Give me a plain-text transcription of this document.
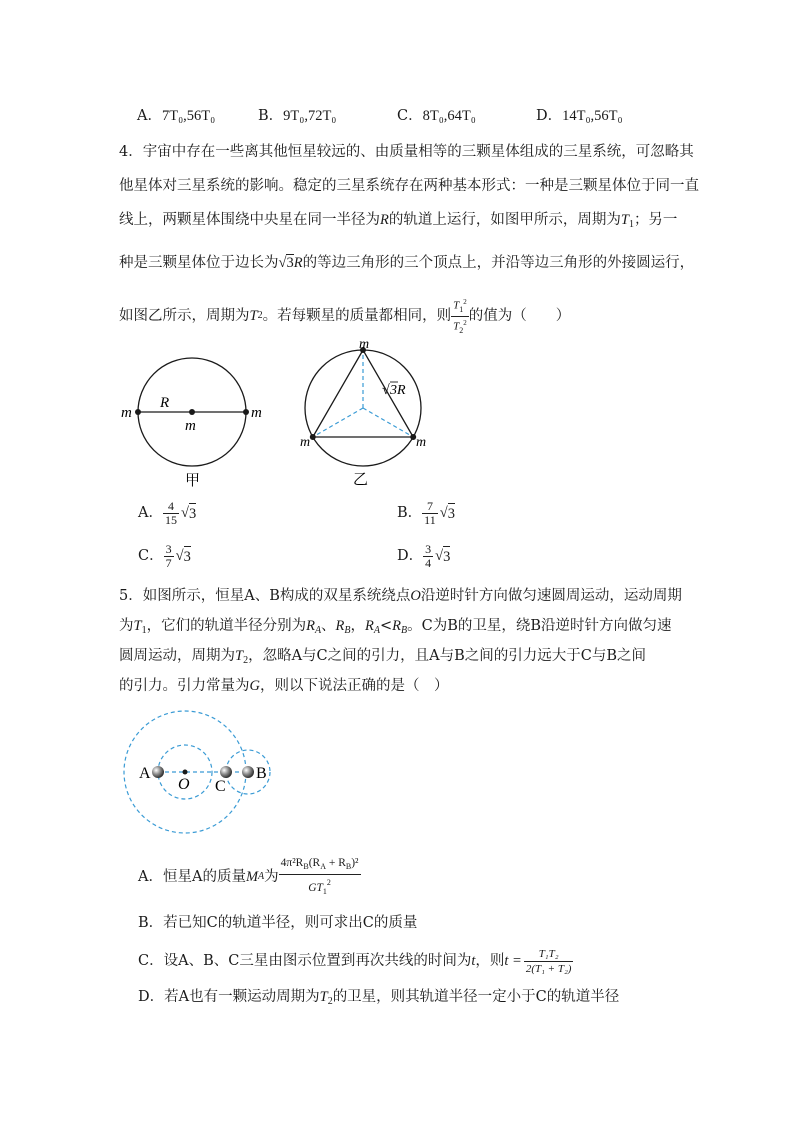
A．7T₀,56T₀	B．9T₀,72T₀	C．8T₀,64T₀	D．14T₀,56T₀
4．宇宙中存在一些离其他恒星较远的、由质量相等的三颗星体组成的三星系统，可忽略其
他星体对三星系统的影响。稳定的三星系统存在两种基本形式：一种是三颗星体位于同一直
线上，两颗星体围绕中央星在同一半径为R的轨道上运行，如图甲所示，周期为$T_1$；另一
种是三颗星体位于边长为√3R的等边三角形的三个顶点上，并沿等边三角形的外接圆运行，
如图乙所示，周期为 T 2 。若每颗星的质量都相同，则 $\frac{T_1^2}{T_2^2}$ 的值为（　　）
m	m
m
R
甲
m
m	m
√ 3R
乙
A． $\frac{4}{15}$ √ 3	B． $\frac{7}{11}$ √ 3
C． $\frac{3}{7}$ √ 3	D． $\frac{3}{4}$ √ 3
5．如图所示，恒星A、B构成的双星系统绕点O沿逆时针方向做匀速圆周运动，运动周期
为$T_1$，它们的轨道半径分别为$R_A$、$R_B$，$R_A<R_B$。C为B的卫星，绕B沿逆时针方向做匀速
圆周运动，周期为$T_2$，忽略A与C之间的引力，且A与B之间的引力远大于C与B之间
的引力。引力常量为G，则以下说法正确的是（　）
A
O C
B
A．恒星A的质量 M A 为 $\frac{4\pi^2R_B(R_A + R_B)^2}{GT_1^2}$
B．若已知C的轨道半径，则可求出C的质量
C．设A、B、C三星由图示位置到再次共线的时间为 t ，则 $t = \frac{\text{T₁T₂}}{\text{2(T₁ + T₂)}}$
D．若A也有一颗运动周期为$T_2$的卫星，则其轨道半径一定小于C的轨道半径
